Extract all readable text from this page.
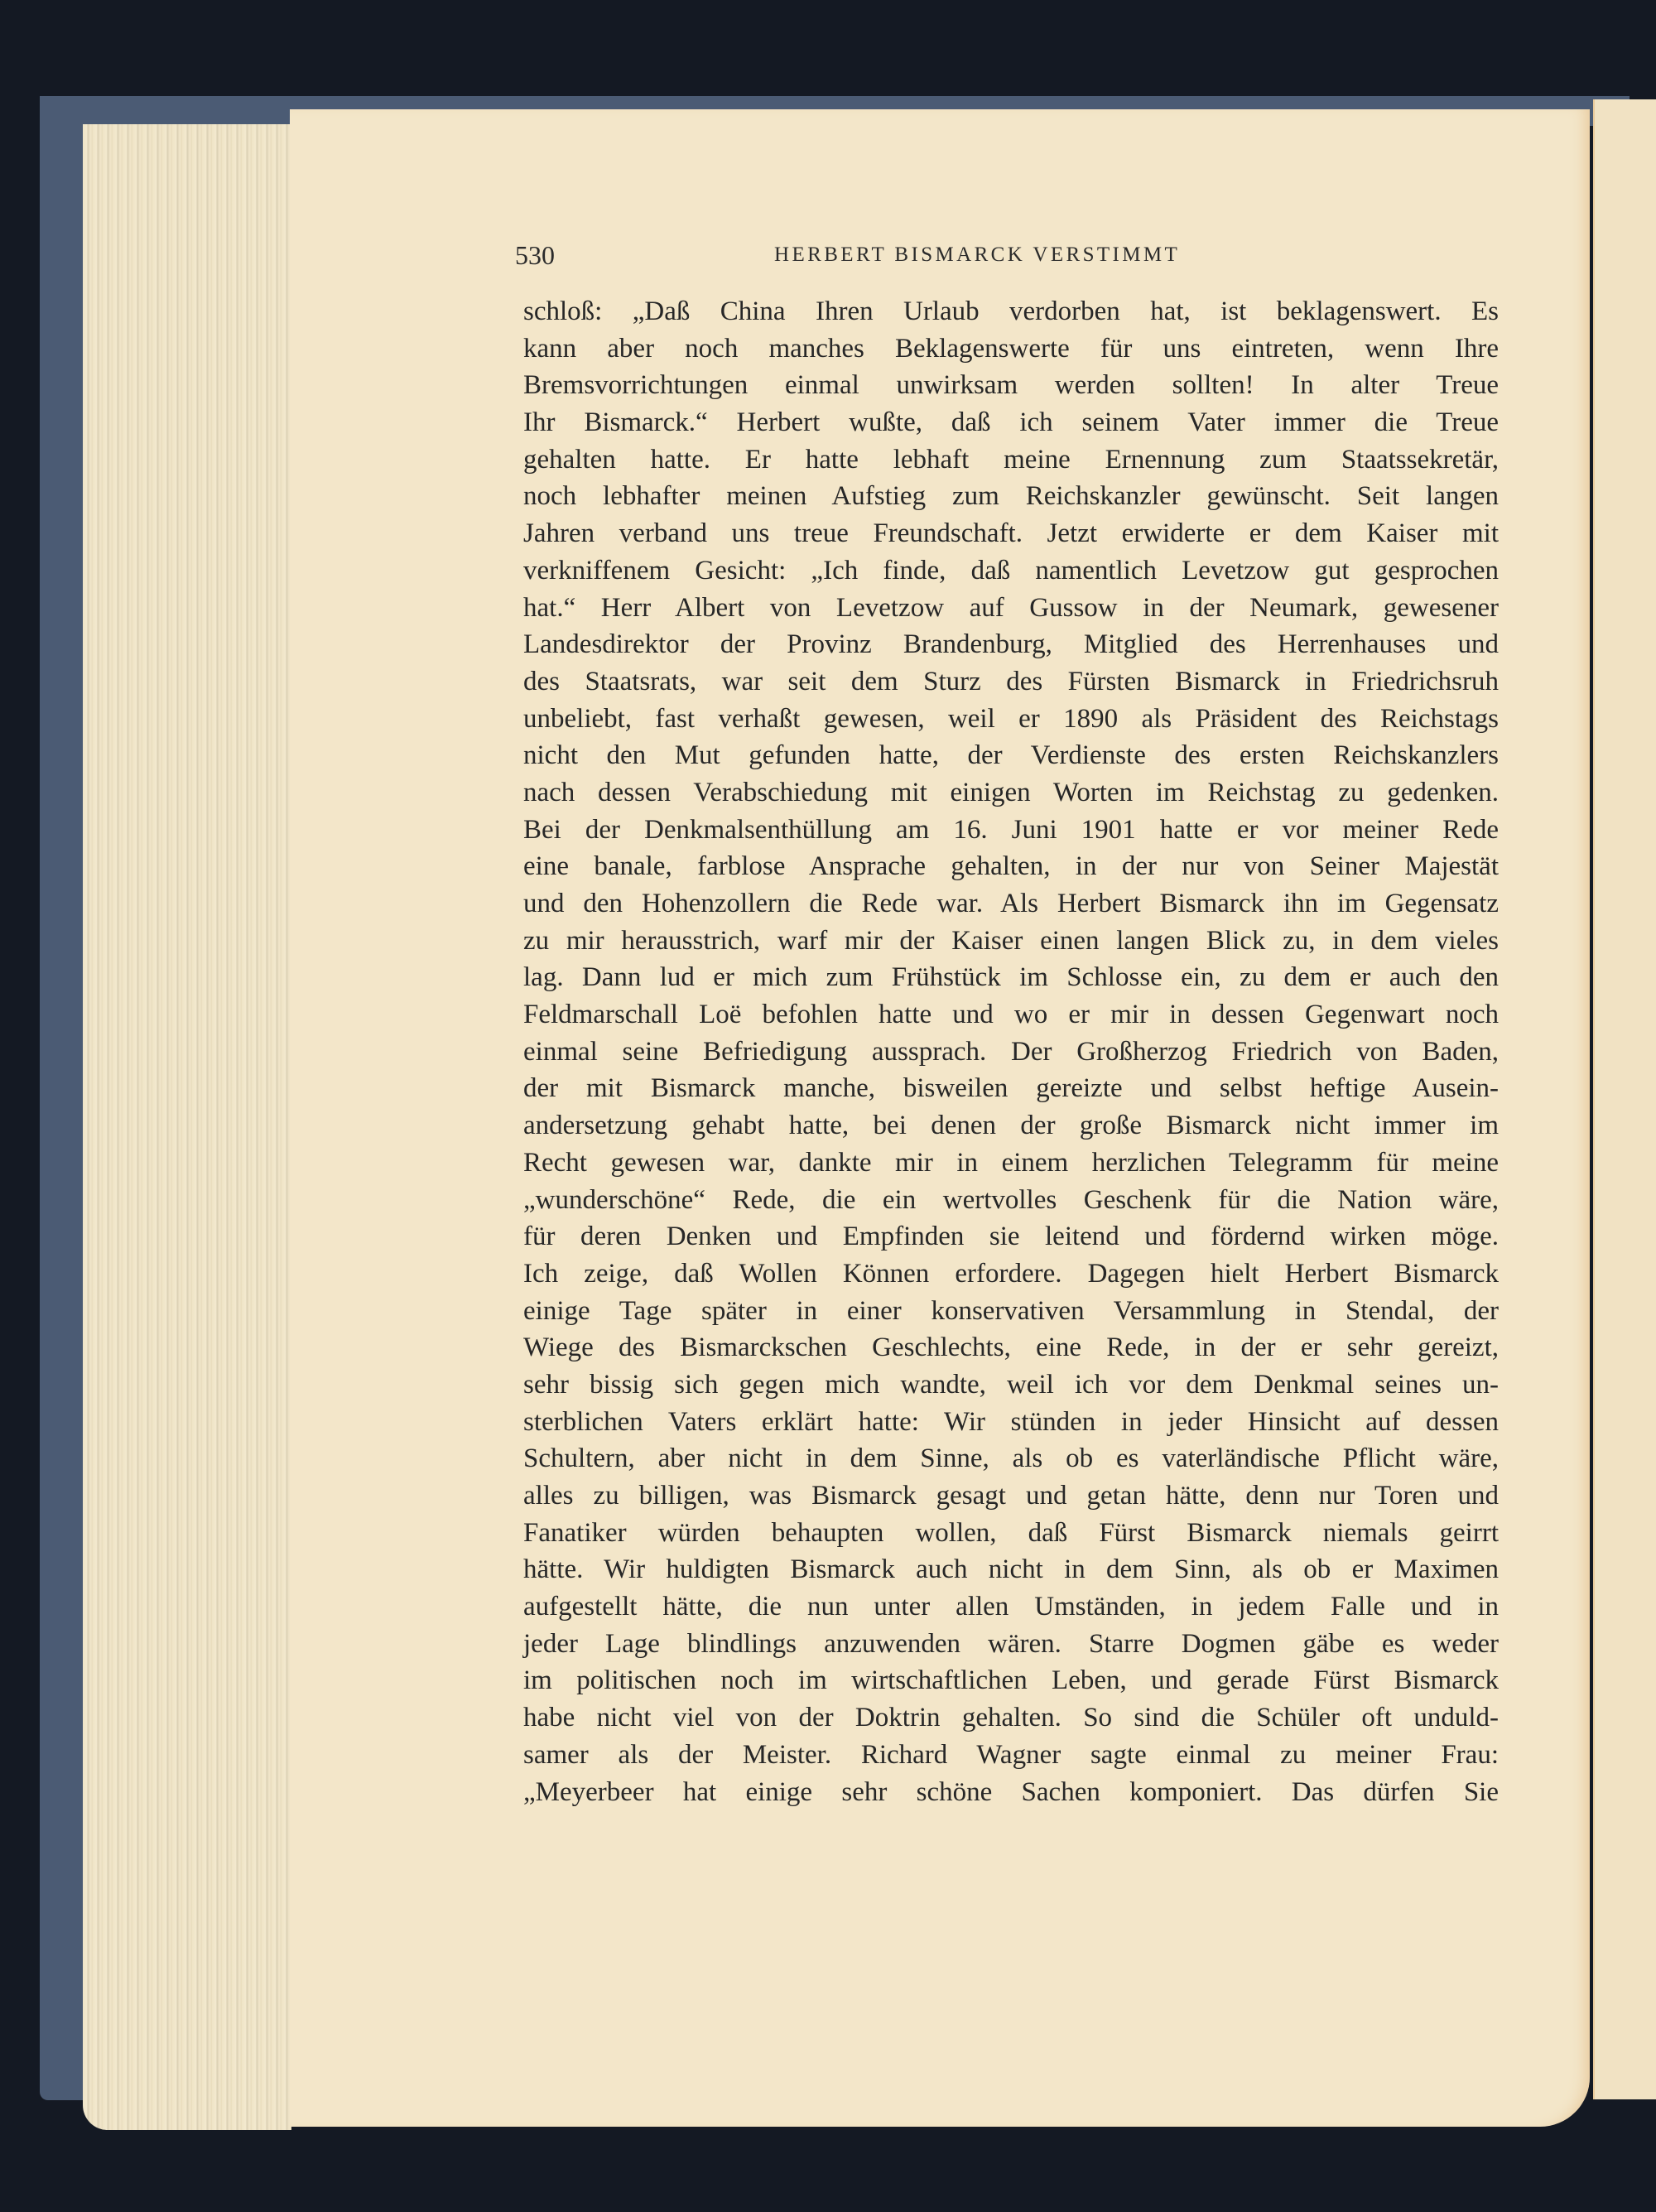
530	HERBERT BISMARCK VERSTIMMT
schloß: „Daß China Ihren Urlaub verdorben hat, ist beklagenswert. Es
kann aber noch manches Beklagenswerte für uns eintreten, wenn Ihre
Bremsvorrichtungen einmal unwirksam werden sollten! In alter Treue
Ihr Bismarck.“ Herbert wußte, daß ich seinem Vater immer die Treue
gehalten hatte. Er hatte lebhaft meine Ernennung zum Staatssekretär,
noch lebhafter meinen Aufstieg zum Reichskanzler gewünscht. Seit langen
Jahren verband uns treue Freundschaft. Jetzt erwiderte er dem Kaiser mit
verkniffenem Gesicht: „Ich finde, daß namentlich Levetzow gut gesprochen
hat.“ Herr Albert von Levetzow auf Gussow in der Neumark, gewesener
Landesdirektor der Provinz Brandenburg, Mitglied des Herrenhauses und
des Staatsrats, war seit dem Sturz des Fürsten Bismarck in Friedrichsruh
unbeliebt, fast verhaßt gewesen, weil er 1890 als Präsident des Reichstags
nicht den Mut gefunden hatte, der Verdienste des ersten Reichskanzlers
nach dessen Verabschiedung mit einigen Worten im Reichstag zu gedenken.
Bei der Denkmalsenthüllung am 16. Juni 1901 hatte er vor meiner Rede
eine banale, farblose Ansprache gehalten, in der nur von Seiner Majestät
und den Hohenzollern die Rede war. Als Herbert Bismarck ihn im Gegensatz
zu mir herausstrich, warf mir der Kaiser einen langen Blick zu, in dem vieles
lag. Dann lud er mich zum Frühstück im Schlosse ein, zu dem er auch den
Feldmarschall Loë befohlen hatte und wo er mir in dessen Gegenwart noch
einmal seine Befriedigung aussprach. Der Großherzog Friedrich von Baden,
der mit Bismarck manche, bisweilen gereizte und selbst heftige Ausein-
andersetzung gehabt hatte, bei denen der große Bismarck nicht immer im
Recht gewesen war, dankte mir in einem herzlichen Telegramm für meine
„wunderschöne“ Rede, die ein wertvolles Geschenk für die Nation wäre,
für deren Denken und Empfinden sie leitend und fördernd wirken möge.
Ich zeige, daß Wollen Können erfordere. Dagegen hielt Herbert Bismarck
einige Tage später in einer konservativen Versammlung in Stendal, der
Wiege des Bismarckschen Geschlechts, eine Rede, in der er sehr gereizt,
sehr bissig sich gegen mich wandte, weil ich vor dem Denkmal seines un-
sterblichen Vaters erklärt hatte: Wir stünden in jeder Hinsicht auf dessen
Schultern, aber nicht in dem Sinne, als ob es vaterländische Pflicht wäre,
alles zu billigen, was Bismarck gesagt und getan hätte, denn nur Toren und
Fanatiker würden behaupten wollen, daß Fürst Bismarck niemals geirrt
hätte. Wir huldigten Bismarck auch nicht in dem Sinn, als ob er Maximen
aufgestellt hätte, die nun unter allen Umständen, in jedem Falle und in
jeder Lage blindlings anzuwenden wären. Starre Dogmen gäbe es weder
im politischen noch im wirtschaftlichen Leben, und gerade Fürst Bismarck
habe nicht viel von der Doktrin gehalten. So sind die Schüler oft unduld-
samer als der Meister. Richard Wagner sagte einmal zu meiner Frau:
„Meyerbeer hat einige sehr schöne Sachen komponiert. Das dürfen Sie
